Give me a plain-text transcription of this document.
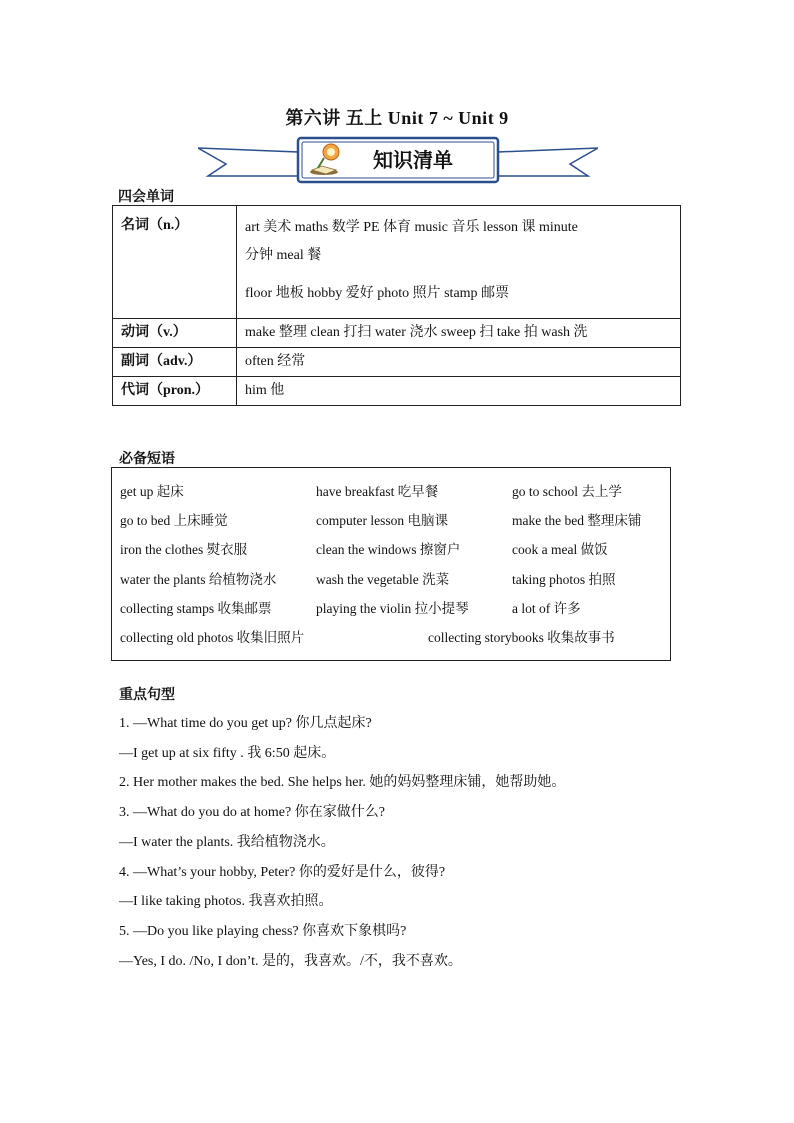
第六讲 五上 Unit 7 ~ Unit 9
知识清单
四会单词
名词（n.）	art 美术 maths 数学 PE 体育 music 音乐 lesson 课 minute
分钟 meal 餐
floor 地板 hobby 爱好 photo 照片 stamp 邮票

动词（v.）	make 整理 clean 打扫 water 浇水 sweep 扫 take 拍 wash 洗
副词（adv.）	often 经常
代词（pron.）	him 他
必备短语
get up 起床	have breakfast 吃早餐	go to school 去上学
go to bed 上床睡觉	computer lesson 电脑课	make the bed 整理床铺
iron the clothes 熨衣服	clean the windows 擦窗户	cook a meal 做饭
water the plants 给植物浇水	wash the vegetable 洗菜	taking photos 拍照
collecting stamps 收集邮票	playing the violin 拉小提琴	a lot of 许多
collecting old photos 收集旧照片	collecting storybooks 收集故事书
重点句型
1. —What time do you get up? 你几点起床?
—I get up at six fifty . 我 6:50 起床。
2. Her mother makes the bed. She helps her. 她的妈妈整理床铺，她帮助她。
3. —What do you do at home? 你在家做什么?
—I water the plants. 我给植物浇水。
4. —What’s your hobby, Peter? 你的爱好是什么，彼得?
—I like taking photos. 我喜欢拍照。
5. —Do you like playing chess? 你喜欢下象棋吗?
—Yes, I do. /No, I don’t. 是的，我喜欢。/不，我不喜欢。
